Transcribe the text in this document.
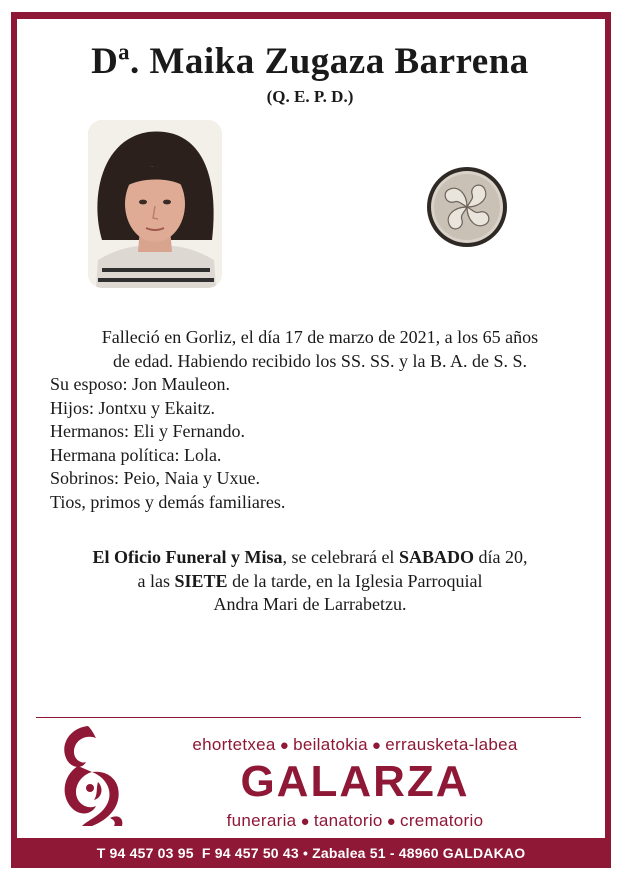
Dª. Maika Zugaza Barrena
(Q. E. P. D.)
Falleció en Gorliz, el día 17 de marzo de 2021, a los 65 años
de edad. Habiendo recibido los SS. SS. y la B. A. de S. S.
Su esposo: Jon Mauleon.
Hijos: Jontxu y Ekaitz.
Hermanos: Eli y Fernando.
Hermana política: Lola.
Sobrinos: Peio, Naia y Uxue.
Tios, primos y demás familiares.
El Oficio Funeral y Misa, se celebrará el SABADO día 20,
a las SIETE de la tarde, en la Iglesia Parroquial
Andra Mari de Larrabetzu.
ehortetxea ● beilatokia ● errausketa-labea
GALARZA
funeraria ● tanatorio ● crematorio
T 94 457 03 95  F 94 457 50 43 • Zabalea 51 - 48960 GALDAKAO
